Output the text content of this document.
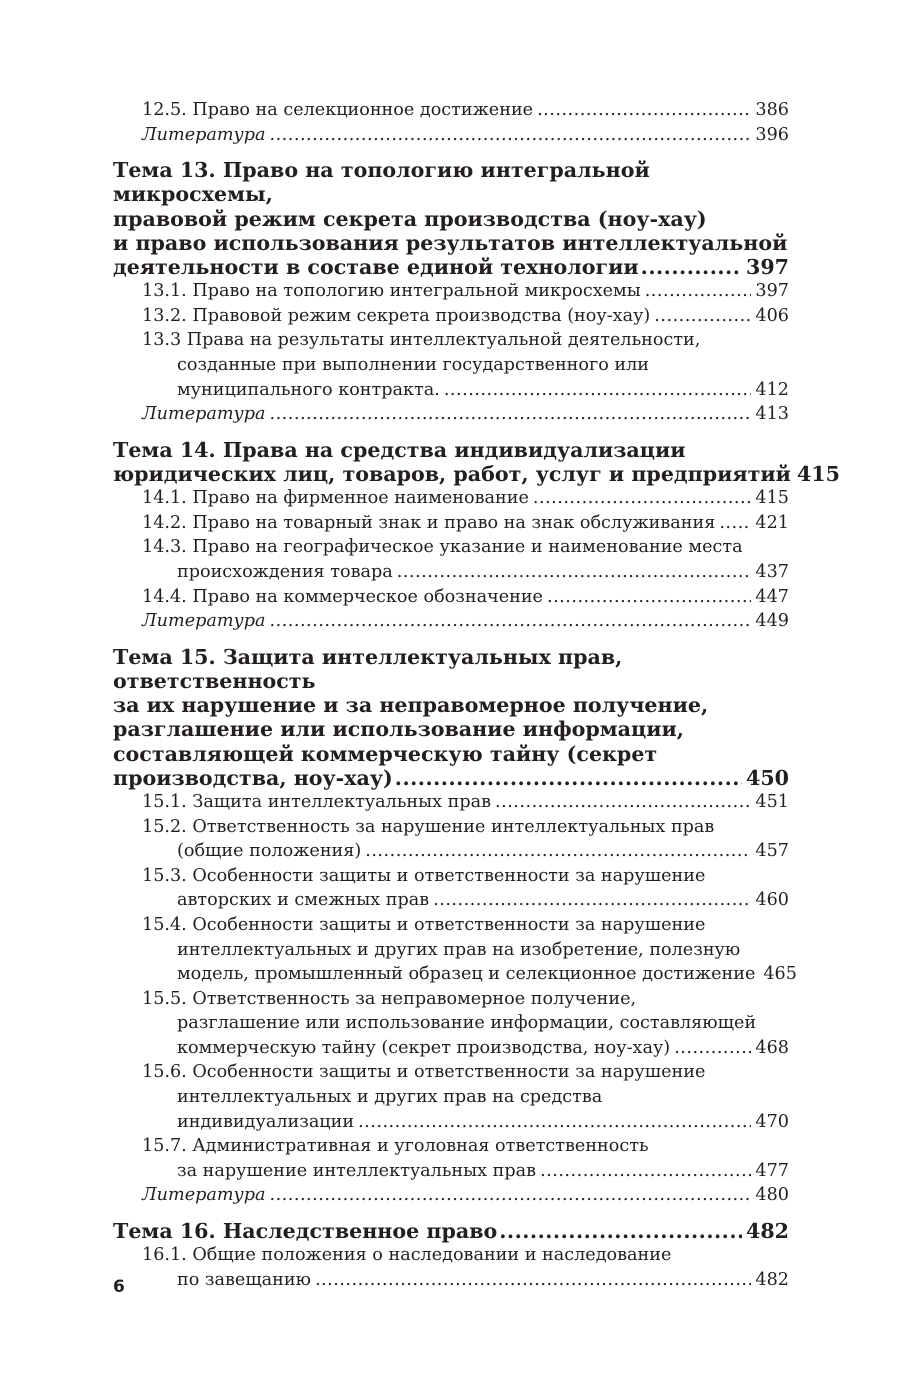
12.5. Право на селекционное достижение .....	386
Литература .....	396
Тема 13. Право на топологию интегральной микросхемы,
правовой режим секрета производства (ноу-хау)
и право использования результатов интеллектуальной
деятельности в составе единой технологии .....	397
13.1. Право на топологию интегральной микросхемы .....	397
13.2. Правовой режим секрета производства (ноу-хау) .....	406
13.3 Права на результаты интеллектуальной деятельности,
созданные при выполнении государственного или
муниципального контракта. .....	412
Литература .....	413
Тема 14. Права на средства индивидуализации
юридических лиц, товаров, работ, услуг и предприятий 415
14.1. Право на фирменное наименование .....	415
14.2. Право на товарный знак и право на знак обслуживания ..... 421
14.3. Право на географическое указание и наименование места
происхождения товара .....	437
14.4. Право на коммерческое обозначение .....	447
Литература .....	449
Тема 15. Защита интеллектуальных прав, ответственность
за их нарушение и за неправомерное получение,
разглашение или использование информации,
составляющей коммерческую тайну (секрет
производства, ноу-хау) .....	450
15.1. Защита интеллектуальных прав .....	451
15.2. Ответственность за нарушение интеллектуальных прав
(общие положения) .....	457
15.3. Особенности защиты и ответственности за нарушение
авторских и смежных прав .....	460
15.4. Особенности защиты и ответственности за нарушение
интеллектуальных и других прав на изобретение, полезную
модель, промышленный образец и селекционное достижение 465
15.5. Ответственность за неправомерное получение,
разглашение или использование информации, составляющей
коммерческую тайну (секрет производства, ноу-хау) .....	468
15.6. Особенности защиты и ответственности за нарушение
интеллектуальных и других прав на средства
индивидуализации .....	470
15.7. Административная и уголовная ответственность
за нарушение интеллектуальных прав .....	477
Литература .....	480
Тема 16. Наследственное право .....	482
16.1. Общие положения о наследовании и наследование
по завещанию .....	482
6
